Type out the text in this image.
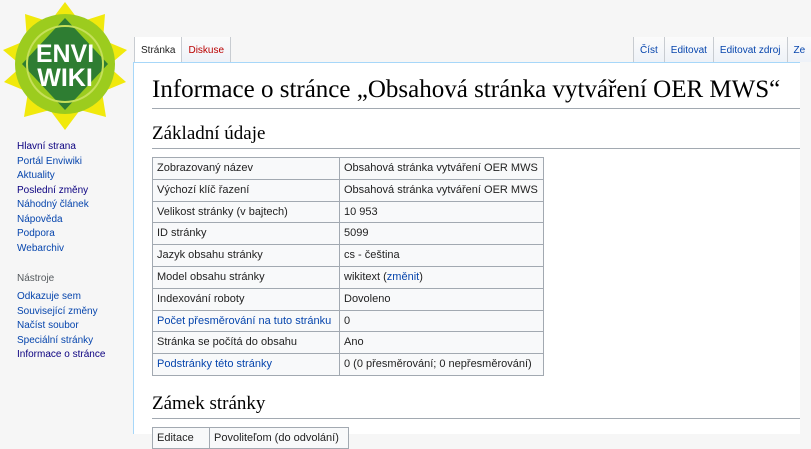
ENVI
WIKI
Hlavní strana
Portál Enviwiki
Aktuality
Poslední změny
Náhodný článek
Nápověda
Podpora
Webarchiv
Nástroje
Odkazuje sem
Související změny
Načíst soubor
Speciální stránky
Informace o stránce
Stránka	Diskuse	Číst	Editovat	Editovat zdroj	Ze
Informace o stránce „Obsahová stránka vytváření OER MWS“
Základní údaje
Zobrazovaný název	Obsahová stránka vytváření OER MWS
Výchozí klíč řazení	Obsahová stránka vytváření OER MWS
Velikost stránky (v bajtech)	10 953
ID stránky	5099
Jazyk obsahu stránky	cs - čeština
Model obsahu stránky	wikitext (změnit)
Indexování roboty	Dovoleno
Počet přesměrování na tuto stránku	0
Stránka se počítá do obsahu	Ano
Podstránky této stránky	0 (0 přesměrování; 0 nepřesměrování)
Zámek stránky
Editace	Povoliteľom (do odvolání)
